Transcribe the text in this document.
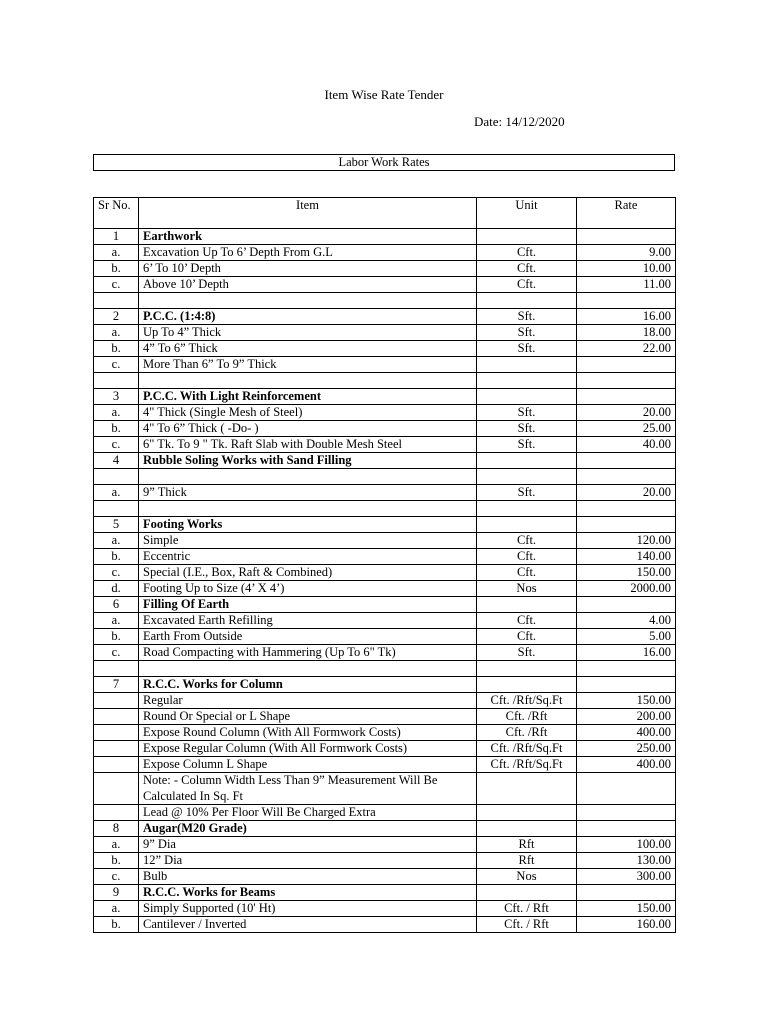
Item Wise Rate Tender
Date: 14/12/2020
Labor Work Rates
Sr No.	Item	Unit	Rate
1	Earthwork		
a.	Excavation Up To 6’ Depth From G.L	Cft.	9.00
b.	6’ To 10’ Depth	Cft.	10.00
c.	Above 10’ Depth	Cft.	11.00

2	P.C.C. (1:4:8)	Sft.	16.00
a.	Up To 4” Thick	Sft.	18.00
b.	4” To 6” Thick	Sft.	22.00
c.	More Than 6” To 9” Thick		

3	P.C.C. With Light Reinforcement		
a.	4" Thick (Single Mesh of Steel)	Sft.	20.00
b.	4" To 6” Thick ( -Do- )	Sft.	25.00
c.	6" Tk. To 9 " Tk. Raft Slab with Double Mesh Steel	Sft.	40.00
4	Rubble Soling Works with Sand Filling		

a.	9” Thick	Sft.	20.00

5	Footing Works		
a.	Simple	Cft.	120.00
b.	Eccentric	Cft.	140.00
c.	Special (I.E., Box, Raft & Combined)	Cft.	150.00
d.	Footing Up to Size (4’ X 4’)	Nos	2000.00
6	Filling Of Earth		
a.	Excavated Earth Refilling	Cft.	4.00
b.	Earth From Outside	Cft.	5.00
c.	Road Compacting with Hammering (Up To 6" Tk)	Sft.	16.00

7	R.C.C. Works for Column		
	Regular	Cft. /Rft/Sq.Ft	150.00
	Round Or Special or L Shape	Cft. /Rft	200.00
	Expose Round Column (With All Formwork Costs)	Cft. /Rft	400.00
	Expose Regular Column (With All Formwork Costs)	Cft. /Rft/Sq.Ft	250.00
	Expose Column L Shape	Cft. /Rft/Sq.Ft	400.00
	Note: - Column Width Less Than 9” Measurement Will Be Calculated In Sq. Ft		
	Lead @ 10% Per Floor Will Be Charged Extra		
8	Augar(M20 Grade)		
a.	9” Dia	Rft	100.00
b.	12” Dia	Rft	130.00
c.	Bulb	Nos	300.00
9	R.C.C. Works for Beams		
a.	Simply Supported (10' Ht)	Cft. / Rft	150.00
b.	Cantilever / Inverted	Cft. / Rft	160.00
